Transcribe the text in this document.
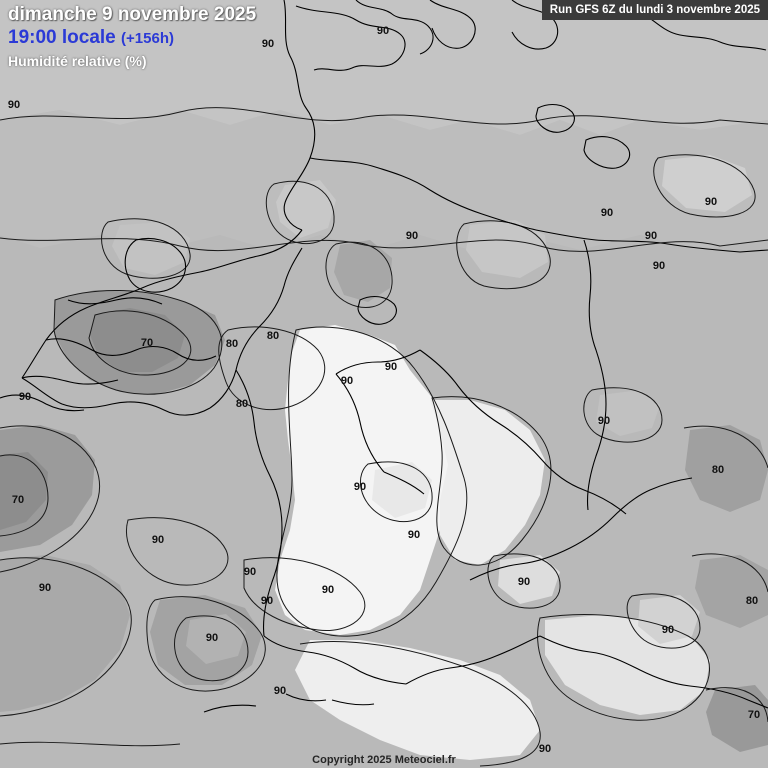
dimanche 9 novembre 2025
19:00 locale (+156h)
Humidité relative (%)
Run GFS 6Z du lundi 3 novembre 2025
Copyright 2025 Meteociel.fr
90
90
90
90
90
90
90
90
70	80
80
90
80
90
90
90
80
70
90
90
90
90
90
90
90	90
80
90
90
90
70
90
